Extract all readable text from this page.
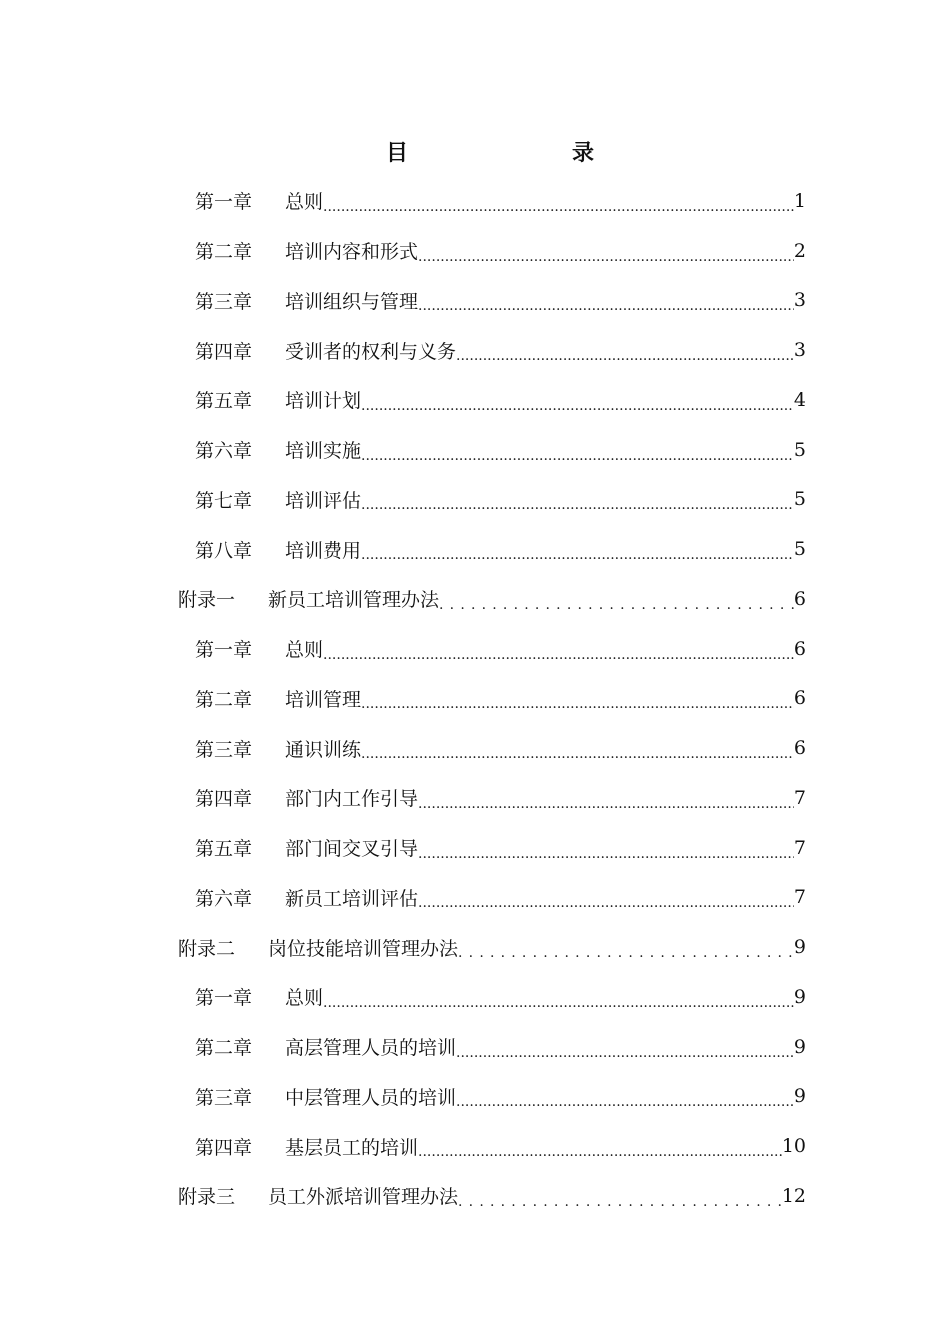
目　　录
第一章 总则 .....	1
第二章 培训内容和形式 .....	2
第三章 培训组织与管理 .....	3
第四章 受训者的权利与义务 .....	3
第五章 培训计划 .....	4
第六章 培训实施 .....	5
第七章 培训评估 .....	5
第八章 培训费用 .....	5
附录一 新员工培训管理办法 .....	6
第一章 总则 .....	6
第二章 培训管理 .....	6
第三章 通识训练 .....	6
第四章 部门内工作引导 .....	7
第五章 部门间交叉引导 .....	7
第六章 新员工培训评估 .....	7
附录二 岗位技能培训管理办法 .....	9
第一章 总则 .....	9
第二章 高层管理人员的培训 .....	9
第三章 中层管理人员的培训 .....	9
第四章 基层员工的培训 .....	10
附录三 员工外派培训管理办法 .....	12
